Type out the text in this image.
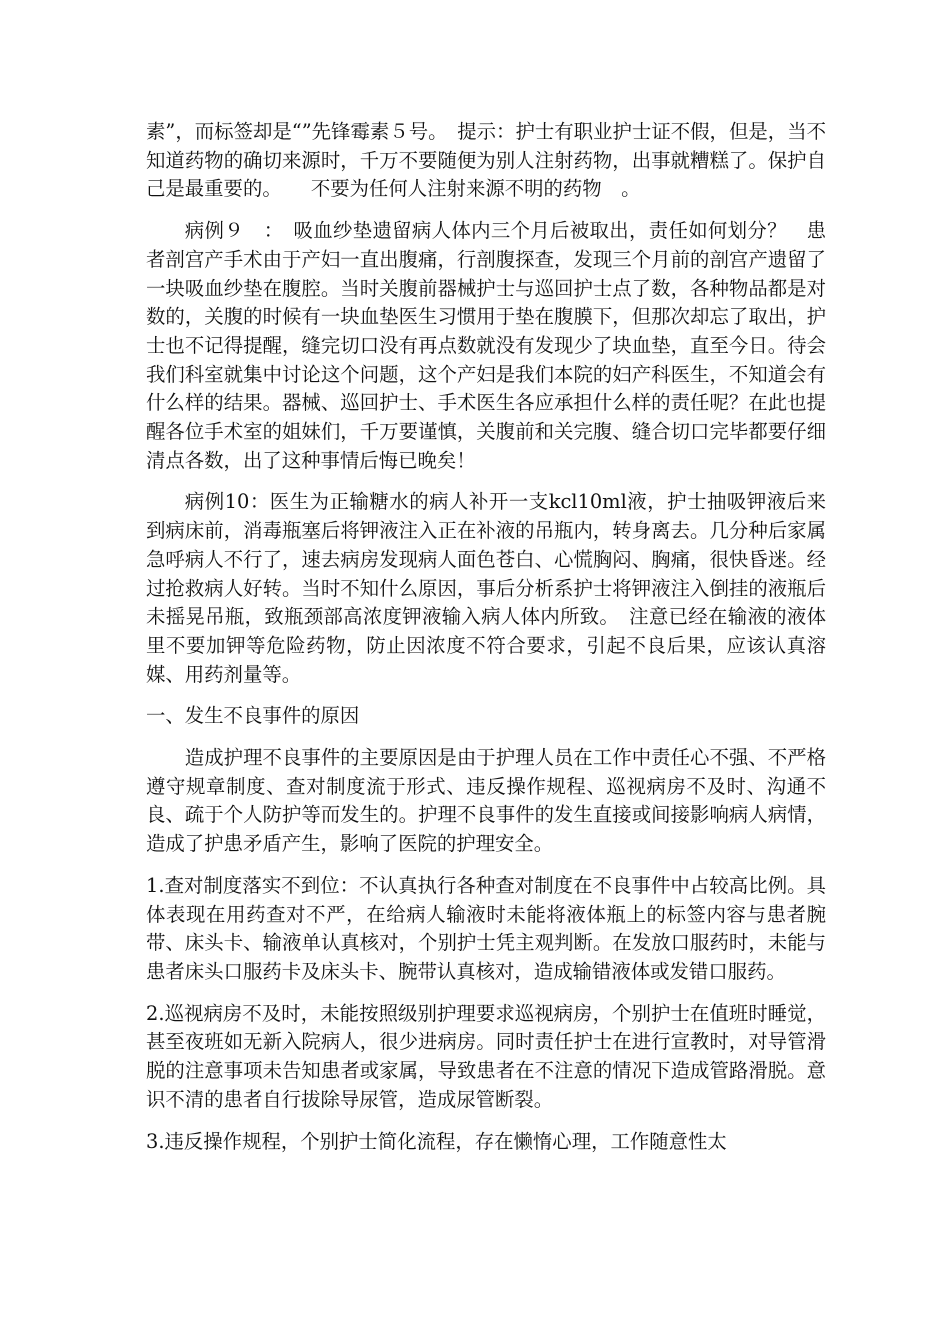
素”，而标签却是“”先锋霉素５号。　提示：护士有职业护士证不假，但是，当不知道药物的确切来源时，千万不要随便为别人注射药物，出事就糟糕了。保护自己是最重要的。　　不要为任何人注射来源不明的药物　。

病例９　：　吸血纱垫遗留病人体内三个月后被取出，责任如何划分？　患者剖宫产手术由于产妇一直出腹痛，行剖腹探查，发现三个月前的剖宫产遗留了一块吸血纱垫在腹腔。当时关腹前器械护士与巡回护士点了数，各种物品都是对数的，关腹的时候有一块血垫医生习惯用于垫在腹膜下，但那次却忘了取出，护士也不记得提醒，缝完切口没有再点数就没有发现少了块血垫，直至今日。待会我们科室就集中讨论这个问题，这个产妇是我们本院的妇产科医生，不知道会有什么样的结果。器械、巡回护士、手术医生各应承担什么样的责任呢？在此也提醒各位手术室的姐妹们，千万要谨慎，关腹前和关完腹、缝合切口完毕都要仔细清点各数，出了这种事情后悔已晚矣！

病例10：医生为正输糖水的病人补开一支kcl10ml液，护士抽吸钾液后来到病床前，消毒瓶塞后将钾液注入正在补液的吊瓶内，转身离去。几分种后家属急呼病人不行了，速去病房发现病人面色苍白、心慌胸闷、胸痛，很快昏迷。经过抢救病人好转。当时不知什么原因，事后分析系护士将钾液注入倒挂的液瓶后未摇晃吊瓶，致瓶颈部高浓度钾液输入病人体内所致。　注意已经在输液的液体里不要加钾等危险药物，防止因浓度不符合要求，引起不良后果，应该认真溶媒、用药剂量等。

一、发生不良事件的原因

造成护理不良事件的主要原因是由于护理人员在工作中责任心不强、不严格遵守规章制度、查对制度流于形式、违反操作规程、巡视病房不及时、沟通不良、疏于个人防护等而发生的。护理不良事件的发生直接或间接影响病人病情，造成了护患矛盾产生，影响了医院的护理安全。

1.查对制度落实不到位：不认真执行各种查对制度在不良事件中占较高比例。具体表现在用药查对不严，在给病人输液时未能将液体瓶上的标签内容与患者腕带、床头卡、输液单认真核对，个别护士凭主观判断。在发放口服药时，未能与患者床头口服药卡及床头卡、腕带认真核对，造成输错液体或发错口服药。

2.巡视病房不及时，未能按照级别护理要求巡视病房，个别护士在值班时睡觉，甚至夜班如无新入院病人，很少进病房。同时责任护士在进行宣教时，对导管滑脱的注意事项未告知患者或家属，导致患者在不注意的情况下造成管路滑脱。意识不清的患者自行拔除导尿管，造成尿管断裂。

3.违反操作规程，个别护士简化流程，存在懒惰心理，工作随意性太
